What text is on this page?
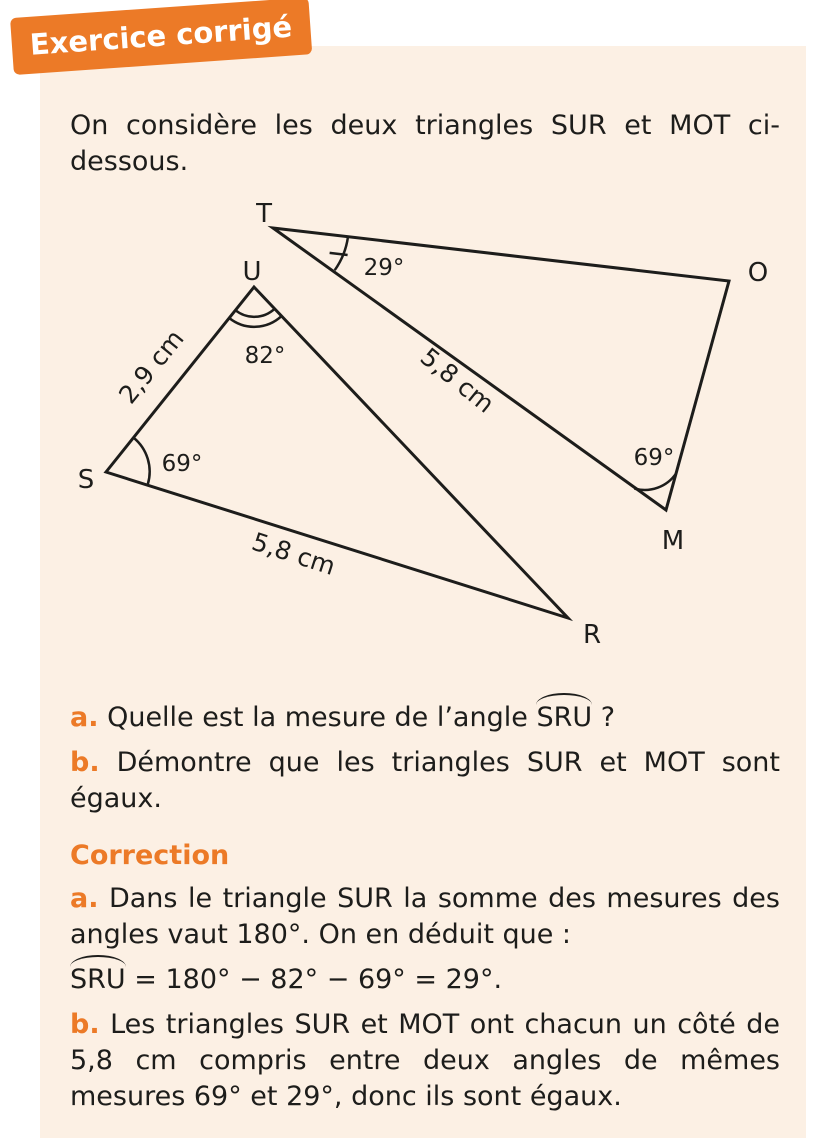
Exercice corrigé
On considère les deux triangles SUR et MOT ci-dessous.
T
U	O
S
M
R
2,9 cm	5,8 cm
5,8 cm
82°
69°
29°
69°
a. Quelle est la mesure de l’angle SRU ?
b. Démontre que les triangles SUR et MOT sont égaux.
Correction
a. Dans le triangle SUR la somme des mesures des angles vaut 180°. On en déduit que :
SRU = 180° − 82° − 69° = 29°.
b. Les triangles SUR et MOT ont chacun un côté de 5,8 cm compris entre deux angles de mêmes mesures 69° et 29°, donc ils sont égaux.
